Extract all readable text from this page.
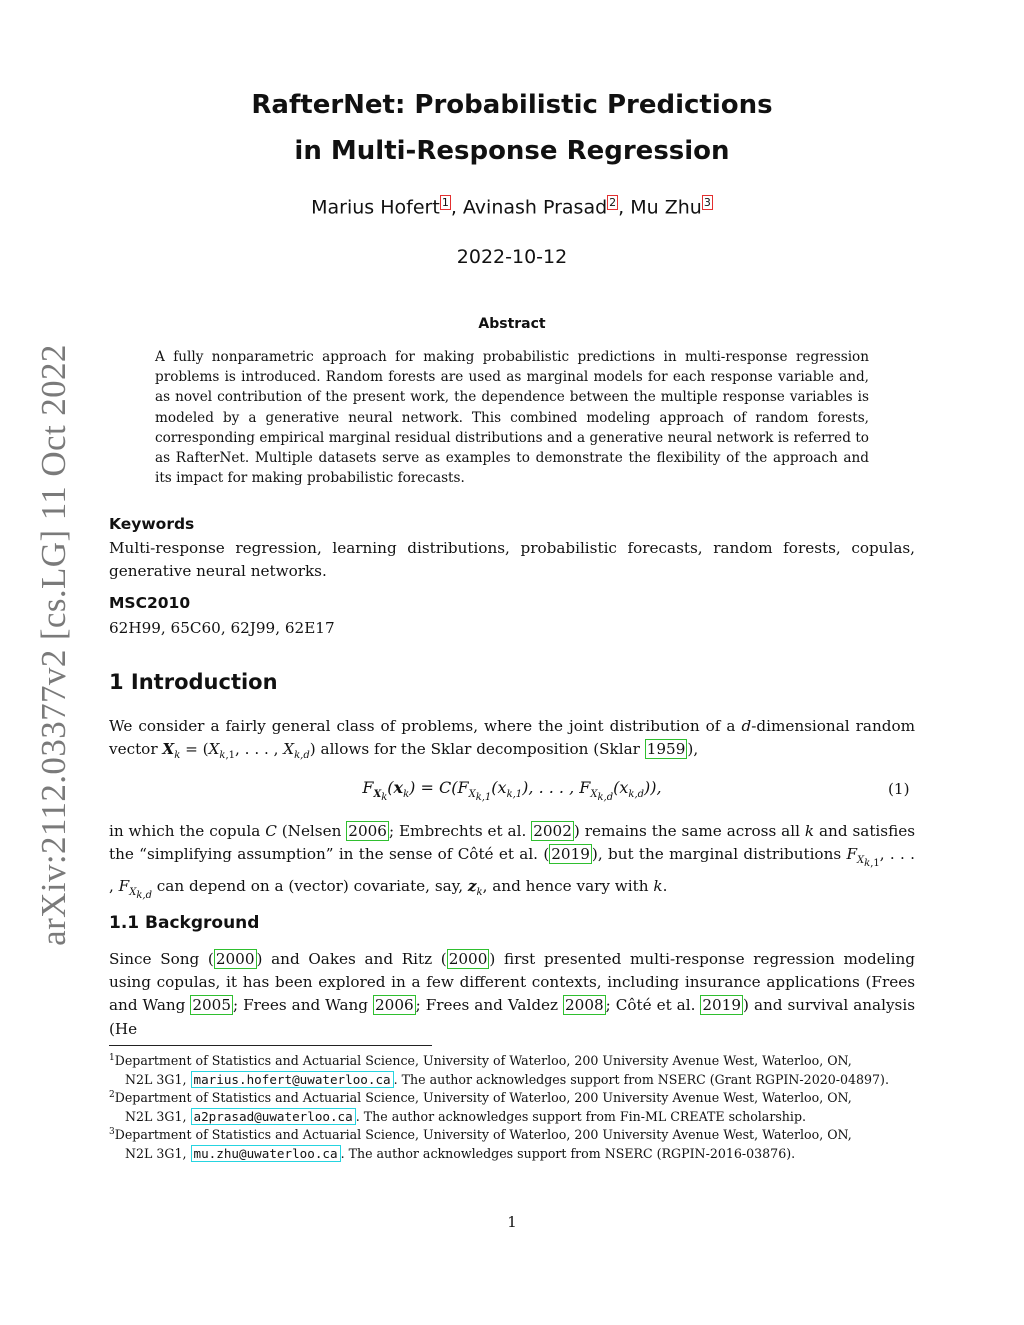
arXiv:2112.03377v2 [cs.LG] 11 Oct 2022
RafterNet: Probabilistic Predictions
in Multi-Response Regression
Marius Hofert $^1$ , Avinash Prasad $^2$ , Mu Zhu $^3$
2022-10-12
Abstract
A fully nonparametric approach for making probabilistic predictions in multi-response regression problems is introduced. Random forests are used as marginal models for each response variable and, as novel contribution of the present work, the dependence between the multiple response variables is modeled by a generative neural network. This combined modeling approach of random forests, corresponding empirical marginal residual distributions and a generative neural network is referred to as RafterNet. Multiple datasets serve as examples to demonstrate the flexibility of the approach and its impact for making probabilistic forecasts.
Keywords
Multi-response regression, learning distributions, probabilistic forecasts, random forests, copulas, generative neural networks.
MSC2010
62H99, 65C60, 62J99, 62E17
1 Introduction
We consider a fairly general class of problems, where the joint distribution of a d-dimensional random vector $X_k = (X_{k,1}$, . . . , $X_{k,d}$) allows for the Sklar decomposition (Sklar 1959 ),
$F_{X_k}(x_k) = C(F_{X_{k,1}}(x_{k,1})$, . . . , $F_{X_{k,d}}(x_{k,d})$),	(1)
in which the copula C (Nelsen 2006 ; Embrechts et al. 2002 ) remains the same across all k and satisfies the “simplifying assumption” in the sense of Côté et al. ( 2019 ), but the marginal distributions $F_{X_{k,1}}$, . . . , $F_{X_{k,d}}$ can depend on a (vector) covariate, say, $z_k$, and hence vary with k.
1.1 Background
Since Song ( 2000 ) and Oakes and Ritz ( 2000 ) first presented multi-response regression modeling using copulas, it has been explored in a few different contexts, including insurance applications (Frees and Wang 2005 ; Frees and Wang 2006 ; Frees and Valdez 2008 ; Côté et al. 2019 ) and survival analysis (He
$^1$Department of Statistics and Actuarial Science, University of Waterloo, 200 University Avenue West, Waterloo, ON,
N2L 3G1, marius.hofert@uwaterloo.ca . The author acknowledges support from NSERC (Grant RGPIN-2020-04897).
$^2$Department of Statistics and Actuarial Science, University of Waterloo, 200 University Avenue West, Waterloo, ON,
N2L 3G1, a2prasad@uwaterloo.ca . The author acknowledges support from Fin-ML CREATE scholarship.
$^3$Department of Statistics and Actuarial Science, University of Waterloo, 200 University Avenue West, Waterloo, ON,
N2L 3G1, mu.zhu@uwaterloo.ca . The author acknowledges support from NSERC (RGPIN-2016-03876).
1
